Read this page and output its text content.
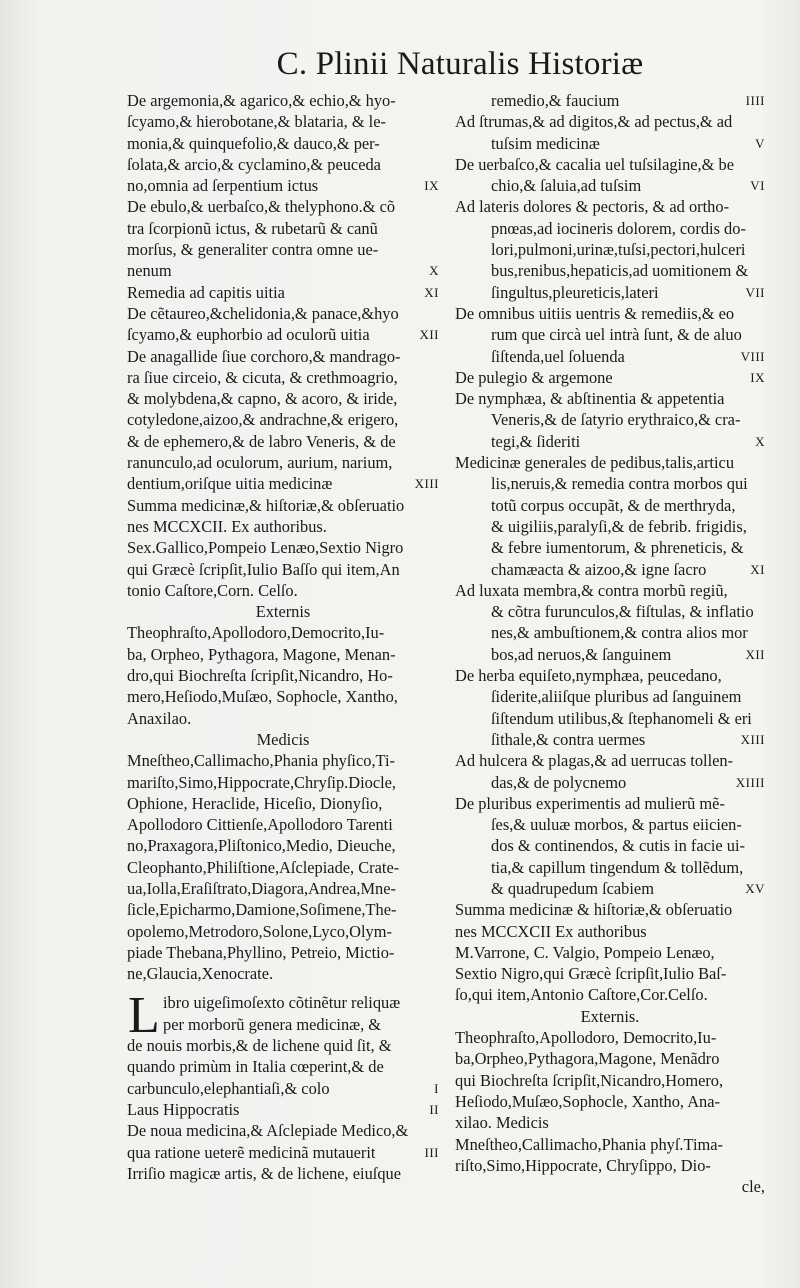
C. Plinii Naturalis Historiæ
De argemonia,& agarico,& echio,& hyo-
ſcyamo,& hierobotane,& blataria, & le-
monia,& quinquefolio,& dauco,& per-
ſolata,& arcio,& cyclamino,& peuceda
no,omnia ad ſerpentium ictus	IX
De ebulo,& uerbaſco,& thelyphono.& cõ
tra ſcorpionũ ictus, & rubetarũ & canũ
morſus, & generaliter contra omne ue-
nenum	X
Remedia ad capitis uitia	XI
De cẽtaureo,&chelidonia,& panace,&hyo
ſcyamo,& euphorbio ad oculorũ uitia	XII
De anagallide ſiue corchoro,& mandrago-
ra ſiue circeio, & cicuta, & crethmoagrio,
& molybdena,& capno, & acoro, & iride,
cotyledone,aizoo,& andrachne,& erigero,
& de ephemero,& de labro Veneris, & de
ranunculo,ad oculorum, aurium, narium,
dentium,oriſque uitia medicinæ	XIII
Summa medicinæ,& hiſtoriæ,& obſeruatio
nes MCCXCII. Ex authoribus.
Sex.Gallico,Pompeio Lenæo,Sextio Nigro
qui Græcè ſcripſit,Iulio Baſſo qui item,An
tonio Caſtore,Corn. Celſo.
Externis
Theophraſto,Apollodoro,Democrito,Iu-
ba, Orpheo, Pythagora, Magone, Menan-
dro,qui Biochreſta ſcripſit,Nicandro, Ho-
mero,Heſiodo,Muſæo, Sophocle, Xantho,
Anaxilao.
Medicis
Mneſtheo,Callimacho,Phania phyſico,Ti-
mariſto,Simo,Hippocrate,Chryſip.Diocle,
Ophione, Heraclide, Hiceſio, Dionyſio,
Apollodoro Cittienſe,Apollodoro Tarenti
no,Praxagora,Pliſtonico,Medio, Dieuche,
Cleophanto,Philiſtione,Aſclepiade, Crate-
ua,Iolla,Eraſiſtrato,Diagora,Andrea,Mne-
ſicle,Epicharmo,Damione,Soſimene,The-
opolemo,Metrodoro,Solone,Lyco,Olym-
piade Thebana,Phyllino, Petreio, Mictio-
ne,Glaucia,Xenocrate.
L ibro uigeſimoſexto cõtinẽtur reliquæ
per morborũ genera medicinæ, &
de nouis morbis,& de lichene quid ſit, &
quando primùm in Italia cœperint,& de
carbunculo,elephantiaſi,& colo	I
Laus Hippocratis	II
De noua medicina,& Aſclepiade Medico,&
qua ratione ueterẽ medicinã mutauerit	III
Irriſio magicæ artis, & de lichene, eiuſque
remedio,& faucium	IIII
Ad ſtrumas,& ad digitos,& ad pectus,& ad
tuſsim medicinæ	V
De uerbaſco,& cacalia uel tuſsilagine,& be
chio,& ſaluia,ad tuſsim	VI
Ad lateris dolores & pectoris, & ad ortho-
pnœas,ad iocineris dolorem, cordis do-
lori,pulmoni,urinæ,tuſsi,pectori,hulceri
bus,renibus,hepaticis,ad uomitionem &
ſingultus,pleureticis,lateri	VII
De omnibus uitiis uentris & remediis,& eo
rum que circà uel intrà ſunt, & de aluo
ſiſtenda,uel ſoluenda	VIII
De pulegio & argemone	IX
De nymphæa, & abſtinentia & appetentia
Veneris,& de ſatyrio erythraico,& cra-
tegi,& ſideriti	X
Medicinæ generales de pedibus,talis,articu
lis,neruis,& remedia contra morbos qui
totũ corpus occupãt, & de merthryda,
& uigiliis,paralyſi,& de febrib. frigidis,
& febre iumentorum, & phreneticis, &
chamæacta & aizoo,& igne ſacro	XI
Ad luxata membra,& contra morbũ regiũ,
& cõtra furunculos,& fiſtulas, & inflatio
nes,& ambuſtionem,& contra alios mor
bos,ad neruos,& ſanguinem	XII
De herba equiſeto,nymphæa, peucedano,
ſiderite,aliiſque pluribus ad ſanguinem
ſiſtendum utilibus,& ſtephanomeli & eri
ſithale,& contra uermes	XIII
Ad hulcera & plagas,& ad uerrucas tollen-
das,& de polycnemo	XIIII
De pluribus experimentis ad mulierũ mẽ-
ſes,& uuluæ morbos, & partus eiicien-
dos & continendos, & cutis in facie ui-
tia,& capillum tingendum & tollẽdum,
& quadrupedum ſcabiem	XV
Summa medicinæ & hiſtoriæ,& obſeruatio
nes MCCXCII Ex authoribus
M.Varrone, C. Valgio, Pompeio Lenæo,
Sextio Nigro,qui Græcè ſcripſit,Iulio Baſ-
ſo,qui item,Antonio Caſtore,Cor.Celſo.
Externis.
Theophraſto,Apollodoro, Democrito,Iu-
ba,Orpheo,Pythagora,Magone, Menãdro
qui Biochreſta ſcripſit,Nicandro,Homero,
Heſiodo,Muſæo,Sophocle, Xantho, Ana-
xilao. Medicis
Mneſtheo,Callimacho,Phania phyſ.Tima-
riſto,Simo,Hippocrate, Chryſippo, Dio-
cle,
